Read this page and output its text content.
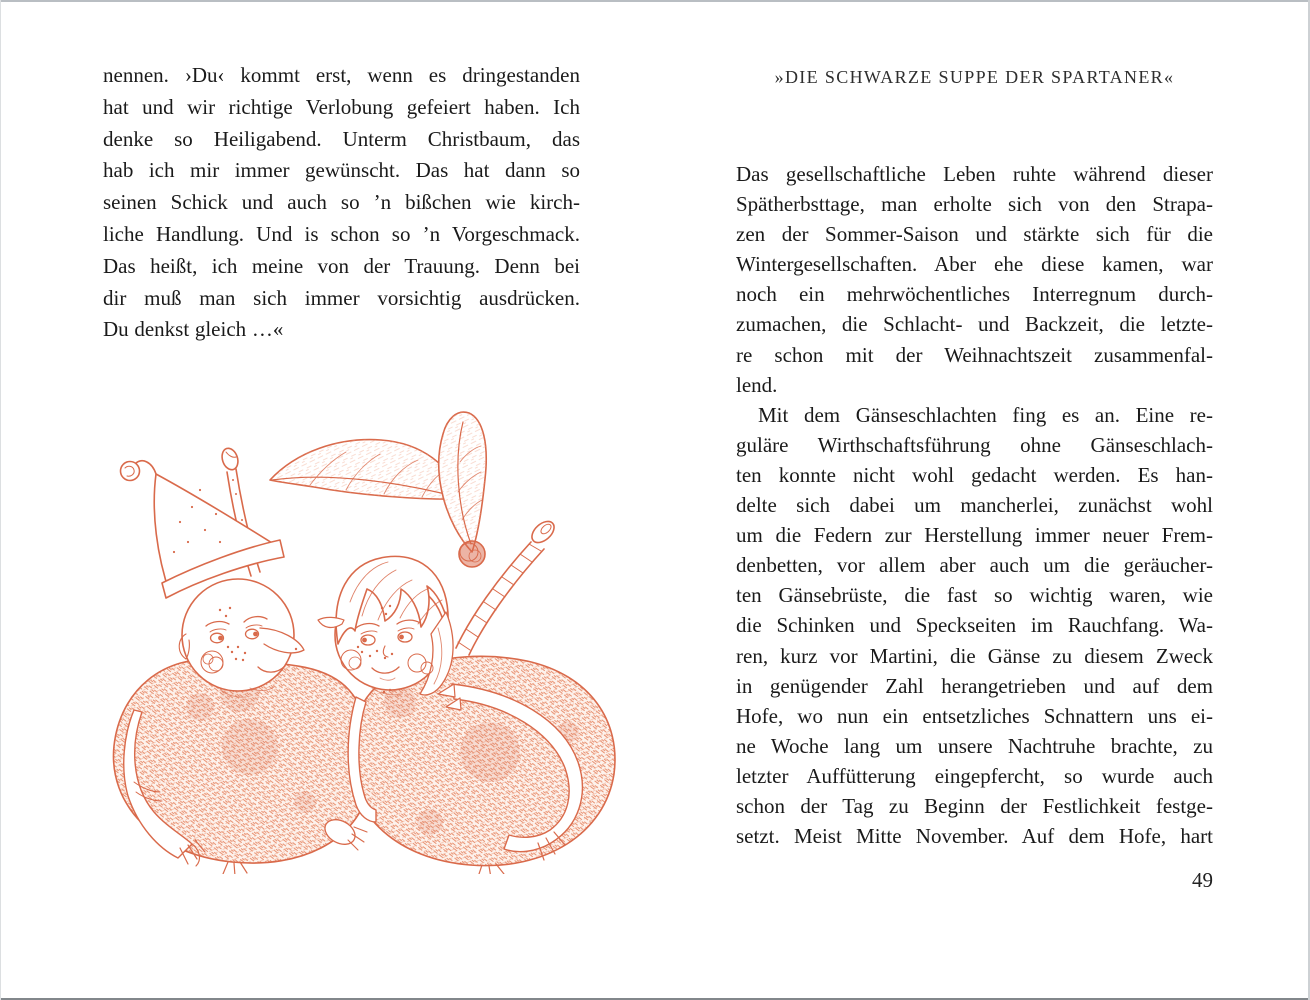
nennen. ›Du‹ kommt erst, wenn es dringestanden
hat und wir richtige Verlobung gefeiert haben. Ich
denke so Heiligabend. Unterm Christbaum, das
hab ich mir immer gewünscht. Das hat dann so
seinen Schick und auch so ’n bißchen wie kirch-
liche Handlung. Und is schon so ’n Vorgeschmack.
Das heißt, ich meine von der Trauung. Denn bei
dir muß man sich immer vorsichtig ausdrücken.
Du denkst gleich …«
»DIE SCHWARZE SUPPE DER SPARTANER«
Das gesellschaftliche Leben ruhte während dieser
Spätherbsttage, man erholte sich von den Strapa-
zen der Sommer-Saison und stärkte sich für die
Wintergesellschaften. Aber ehe diese kamen, war
noch ein mehrwöchentliches Interregnum durch-
zumachen, die Schlacht- und Backzeit, die letzte-
re schon mit der Weihnachtszeit zusammenfal-
lend.
Mit dem Gänseschlachten fing es an. Eine re-
guläre Wirthschaftsführung ohne Gänseschlach-
ten konnte nicht wohl gedacht werden. Es han-
delte sich dabei um mancherlei, zunächst wohl
um die Federn zur Herstellung immer neuer Frem-
denbetten, vor allem aber auch um die geräucher-
ten Gänsebrüste, die fast so wichtig waren, wie
die Schinken und Speckseiten im Rauchfang. Wa-
ren, kurz vor Martini, die Gänse zu diesem Zweck
in genügender Zahl herangetrieben und auf dem
Hofe, wo nun ein entsetzliches Schnattern uns ei-
ne Woche lang um unsere Nachtruhe brachte, zu
letzter Auffütterung eingepfercht, so wurde auch
schon der Tag zu Beginn der Festlichkeit festge-
setzt. Meist Mitte November. Auf dem Hofe, hart
49
